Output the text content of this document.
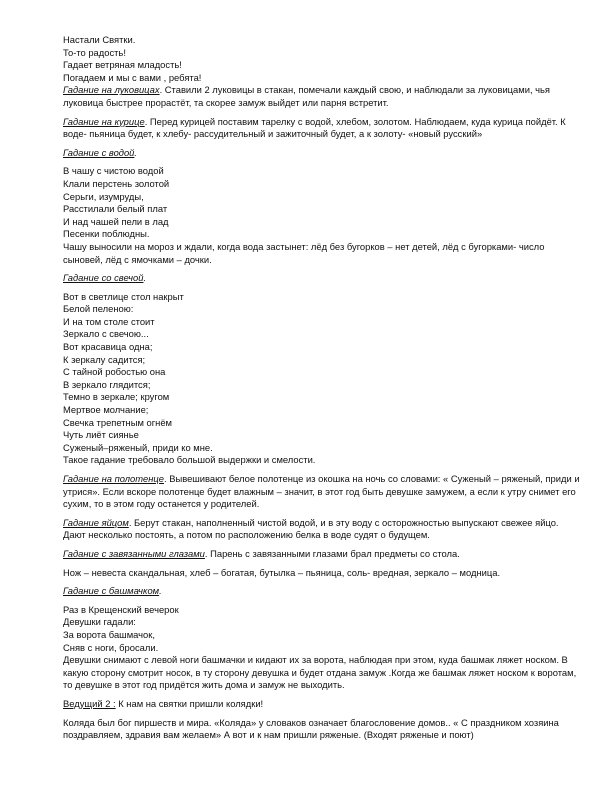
Настали Святки.
То-то радость!
Гадает ветряная младость!
Погадаем и мы с вами , ребята!
Гадание на луковицах. Ставили 2 луковицы в стакан, помечали каждый свою, и наблюдали за луковицами, чья луковица быстрее прорастёт, та скорее замуж выйдет или парня встретит.
Гадание на курице. Перед курицей поставим тарелку с водой, хлебом, золотом. Наблюдаем, куда курица пойдёт. К воде- пьяница будет, к хлебу- рассудительный и зажиточный будет, а к золоту- «новый русский»
Гадание с водой.
В чашу с чистою водой
Клали перстень золотой
Серьги, изумруды,
Расстилали белый плат
И над чашей пели в лад
Песенки поблюдны.
Чашу выносили на мороз и ждали, когда вода застынет: лёд без бугорков – нет детей, лёд с бугорками- число сыновей, лёд с ямочками – дочки.
Гадание со свечой.
Вот в светлице стол накрыт
Белой пеленою:
И на том столе стоит
Зеркало с свечою...
Вот красавица одна;
К зеркалу садится;
С тайной робостью она
В зеркало глядится;
Темно в зеркале; кругом
Мертвое молчание;
Свечка трепетным огнём
Чуть лиёт сиянье
Суженый–ряженый, приди ко мне.
Такое гадание требовало большой выдержки и смелости.
Гадание на полотенце. Вывешивают белое полотенце из окошка на ночь со словами: « Суженый – ряженый, приди и утрися». Если вскоре полотенце будет влажным – значит, в этот год быть девушке замужем, а если к утру снимет его сухим, то в этом году останется у родителей.
Гадание яйцом. Берут стакан, наполненный чистой водой, и в эту воду с осторожностью выпускают свежее яйцо. Дают несколько постоять, а потом по расположению белка в воде судят о будущем.
Гадание с завязанными глазами. Парень с завязанными глазами брал предметы со стола.
Нож – невеста скандальная, хлеб – богатая, бутылка – пьяница, соль- вредная, зеркало – модница.
Гадание с башмачком.
Раз в Крещенский вечерок
Девушки гадали:
За ворота башмачок,
Сняв с ноги, бросали.
Девушки снимают с левой ноги башмачки и кидают их за ворота, наблюдая при этом, куда башмак ляжет носком. В какую сторону смотрит носок, в ту сторону девушка и будет отдана замуж .Когда же башмак ляжет носком к воротам, то девушке в этот год придётся жить дома и замуж не выходить.
Ведущий 2 : К нам на святки пришли колядки!
Коляда был бог пиршеств и мира. «Коляда» у словаков означает благословение домов.. « С праздником хозяина поздравляем, здравия вам желаем» А вот и к нам пришли ряженые. (Входят ряженые и поют)
